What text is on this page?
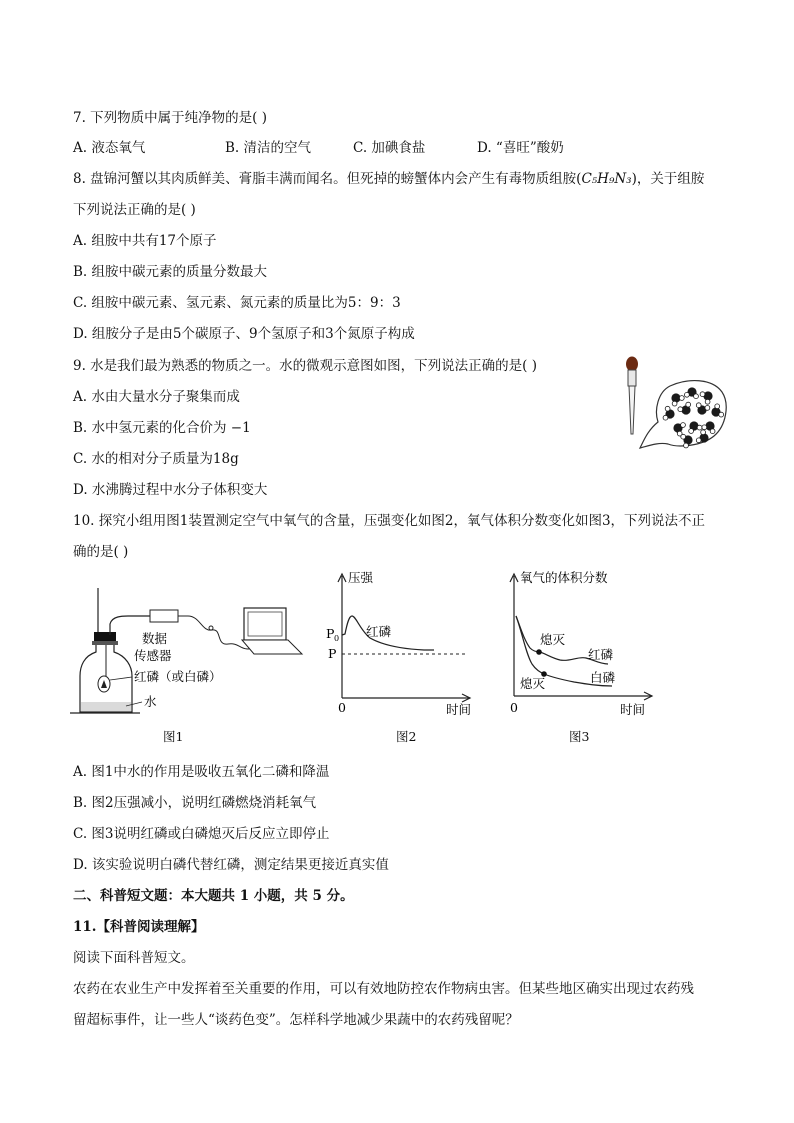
7. 下列物质中属于纯净物的是( )
A. 液态氧气	B. 清洁的空气	C. 加碘食盐	D. “喜旺”酸奶
8. 盘锦河蟹以其肉质鲜美、膏脂丰满而闻名。但死掉的螃蟹体内会产生有毒物质组胺(C₅H₉N₃)，关于组胺
下列说法正确的是( )
A. 组胺中共有17个原子
B. 组胺中碳元素的质量分数最大
C. 组胺中碳元素、氢元素、氮元素的质量比为5：9：3
D. 组胺分子是由5个碳原子、9个氢原子和3个氮原子构成
9. 水是我们最为熟悉的物质之一。水的微观示意图如图，下列说法正确的是( )
A. 水由大量水分子聚集而成
B. 水中氢元素的化合价为 −1
C. 水的相对分子质量为18g
D. 水沸腾过程中水分子体积变大
10. 探究小组用图1装置测定空气中氧气的含量，压强变化如图2，氧气体积分数变化如图3，下列说法不正
确的是( )
数据
传感器
红磷（或白磷）
水
图1
压强
时间
0
P 0
P
红磷
图2
氧气的体积分数
时间
0
熄灭
熄灭
红磷
白磷
图3
A. 图1中水的作用是吸收五氧化二磷和降温
B. 图2压强减小，说明红磷燃烧消耗氧气
C. 图3说明红磷或白磷熄灭后反应立即停止
D. 该实验说明白磷代替红磷，测定结果更接近真实值
二、科普短文题：本大题共 1 小题，共 5 分。
11.【科普阅读理解】
阅读下面科普短文。
农药在农业生产中发挥着至关重要的作用，可以有效地防控农作物病虫害。但某些地区确实出现过农药残
留超标事件，让一些人“谈药色变”。怎样科学地减少果蔬中的农药残留呢？
